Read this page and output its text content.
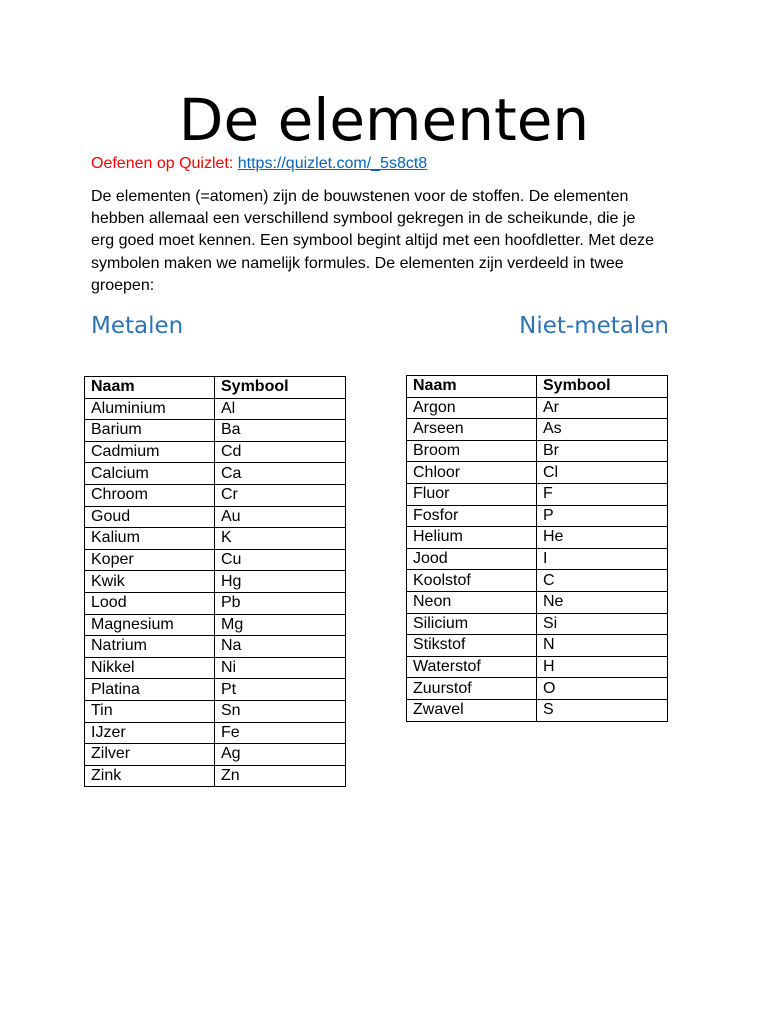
De elementen
Oefenen op Quizlet: https://quizlet.com/_5s8ct8

De elementen (=atomen) zijn de bouwstenen voor de stoffen. De elementen hebben allemaal een verschillend symbool gekregen in de scheikunde, die je erg goed moet kennen. Een symbool begint altijd met een hoofdletter. Met deze symbolen maken we namelijk formules. De elementen zijn verdeeld in twee groepen:

Metalen	Niet-metalen
Naam	Symbool
Aluminium	Al
Barium	Ba
Cadmium	Cd
Calcium	Ca
Chroom	Cr
Goud	Au
Kalium	K
Koper	Cu
Kwik	Hg
Lood	Pb
Magnesium	Mg
Natrium	Na
Nikkel	Ni
Platina	Pt
Tin	Sn
IJzer	Fe
Zilver	Ag
Zink	Zn
Naam	Symbool
Argon	Ar
Arseen	As
Broom	Br
Chloor	Cl
Fluor	F
Fosfor	P
Helium	He
Jood	I
Koolstof	C
Neon	Ne
Silicium	Si
Stikstof	N
Waterstof	H
Zuurstof	O
Zwavel	S
